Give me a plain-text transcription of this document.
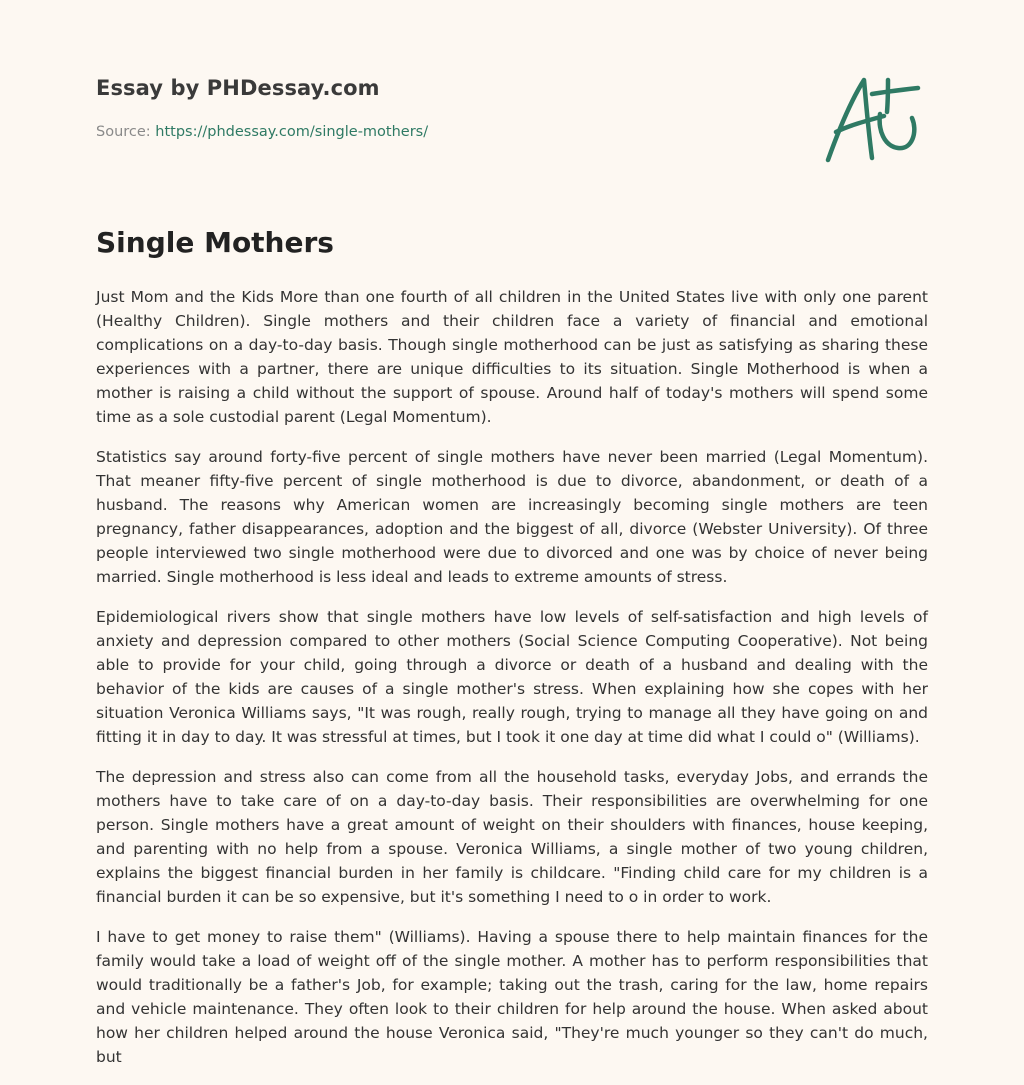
Essay by PHDessay.com
Source: https://phdessay.com/single-mothers/
Single Mothers

Just Mom and the Kids More than one fourth of all children in the United States live with only one parent (Healthy Children). Single mothers and their children face a variety of financial and emotional complications on a day-to-day basis. Though single motherhood can be just as satisfying as sharing these experiences with a partner, there are unique difficulties to its situation. Single Motherhood is when a mother is raising a child without the support of spouse. Around half of today's mothers will spend some time as a sole custodial parent (Legal Momentum).

Statistics say around forty-five percent of single mothers have never been married (Legal Momentum). That meaner fifty-five percent of single motherhood is due to divorce, abandonment, or death of a husband. The reasons why American women are increasingly becoming single mothers are teen pregnancy, father disappearances, adoption and the biggest of all, divorce (Webster University). Of three people interviewed two single motherhood were due to divorced and one was by choice of never being married. Single motherhood is less ideal and leads to extreme amounts of stress.

Epidemiological rivers show that single mothers have low levels of self-satisfaction and high levels of anxiety and depression compared to other mothers (Social Science Computing Cooperative). Not being able to provide for your child, going through a divorce or death of a husband and dealing with the behavior of the kids are causes of a single mother's stress. When explaining how she copes with her situation Veronica Williams says, "It was rough, really rough, trying to manage all they have going on and fitting it in day to day. It was stressful at times, but I took it one day at time did what I could o" (Williams).

The depression and stress also can come from all the household tasks, everyday Jobs, and errands the mothers have to take care of on a day-to-day basis. Their responsibilities are overwhelming for one person. Single mothers have a great amount of weight on their shoulders with finances, house keeping, and parenting with no help from a spouse. Veronica Williams, a single mother of two young children, explains the biggest financial burden in her family is childcare. "Finding child care for my children is a financial burden it can be so expensive, but it's something I need to o in order to work.

I have to get money to raise them" (Williams). Having a spouse there to help maintain finances for the family would take a load of weight off of the single mother. A mother has to perform responsibilities that would traditionally be a father's Job, for example; taking out the trash, caring for the law, home repairs and vehicle maintenance. They often look to their children for help around the house. When asked about how her children helped around the house Veronica said, "They're much younger so they can't do much, but
